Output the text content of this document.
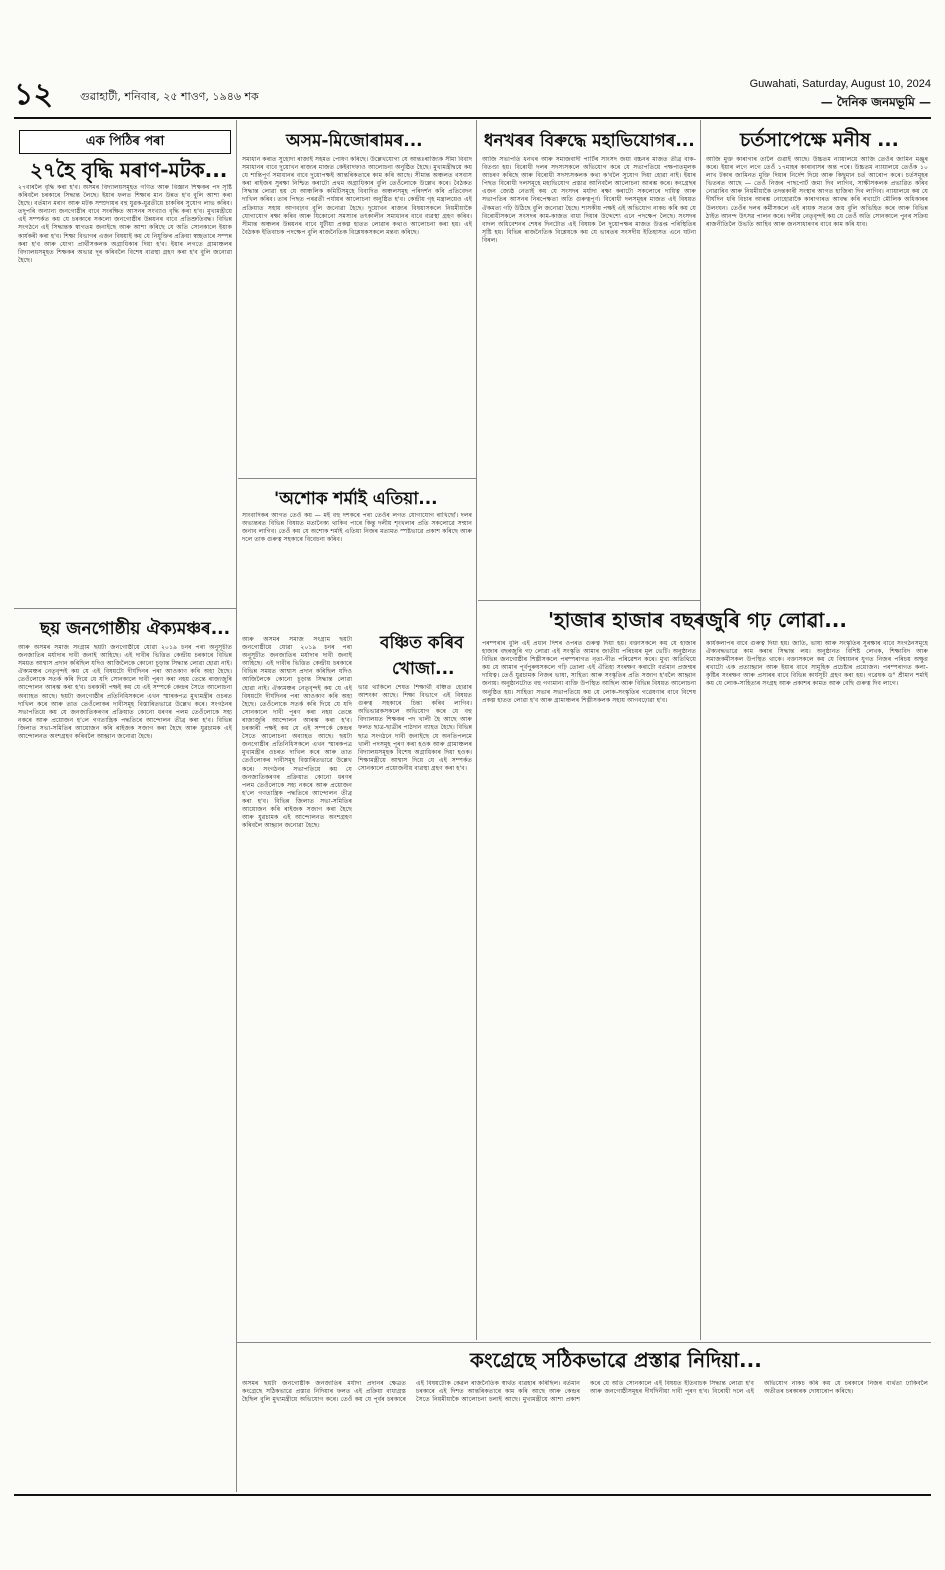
১২ গুৱাহাটী, শনিবাৰ, ২৫ শাওণ, ১৯৪৬ শক
Guwahati, Saturday, August 10, 2024
— দৈনিক জনমভূমি —
এক পিঠিৰ পৰা
২৭হৈ বৃদ্ধি মৰাণ-মটক...
২৭বাৰলৈ বৃদ্ধি কৰা হ'ব। অসমৰ বিদ্যালয়সমূহত গণিত আৰু বিজ্ঞান শিক্ষকৰ পদ সৃষ্টি কৰিবলৈ চৰকাৰে সিদ্ধান্ত লৈছে। ইয়াৰ ফলত শিক্ষাৰ মান উন্নত হ'ব বুলি আশা কৰা হৈছে। বৰ্তমান মৰাণ আৰু মটক সম্প্ৰদায়ৰ বহু যুৱক-যুৱতীয়ে চাকৰিৰ সুযোগ লাভ কৰিব। তদুপৰি অন্যান্য জনগোষ্ঠীৰ বাবে সংৰক্ষিত আসনৰ সংখ্যাও বৃদ্ধি কৰা হ'ব। মুখ্যমন্ত্ৰীয়ে এই সম্পৰ্কত কয় যে চৰকাৰে সকলো জনগোষ্ঠীৰ উন্নয়নৰ বাবে প্ৰতিশ্ৰুতিবদ্ধ। বিভিন্ন সংগঠনে এই সিদ্ধান্তক স্বাগতম জনাইছে আৰু আশা কৰিছে যে অতি সোনকালে ইয়াক কাৰ্যকৰী কৰা হ'ব। শিক্ষা বিভাগৰ এজন বিষয়াই কয় যে নিযুক্তিৰ প্ৰক্ৰিয়া স্বচ্ছতাৰে সম্পন্ন কৰা হ'ব আৰু যোগ্য প্ৰাৰ্থীসকলক অগ্ৰাধিকাৰ দিয়া হ'ব। ইয়াৰ লগতে গ্ৰামাঞ্চলৰ বিদ্যালয়সমূহত শিক্ষকৰ অভাৱ দূৰ কৰিবলৈ বিশেষ ব্যৱস্থা গ্ৰহণ কৰা হ'ব বুলি জনোৱা হৈছে।
ছয় জনগোষ্ঠীয় ঐক্যমঞ্চৰ...
আৰু অসমৰ সমাজ সংগ্ৰাম ছয়টা জনগোষ্ঠীয়ে যোৱা ২০১৯ চনৰ পৰা অনুসূচীত জনজাতিৰ মৰ্যাদাৰ দাবী জনাই আহিছে। এই দাবীৰ ভিত্তিত কেন্দ্ৰীয় চৰকাৰে বিভিন্ন সময়ত আশ্বাস প্ৰদান কৰিছিল যদিও আজিলৈকে কোনো চূড়ান্ত সিদ্ধান্ত লোৱা হোৱা নাই। ঐক্যমঞ্চৰ নেতৃবৃন্দই কয় যে এই বিষয়টো দীৰ্ঘদিনৰ পৰা আওকাণ কৰি অহা হৈছে। তেওঁলোকে সতৰ্ক কৰি দিয়ে যে যদি সোনকালে দাবী পূৰণ কৰা নহয় তেন্তে ৰাজ্যজুৰি আন্দোলন আৰম্ভ কৰা হ'ব। চৰকাৰী পক্ষই কয় যে এই সম্পৰ্কে কেন্দ্ৰৰ সৈতে আলোচনা অব্যাহত আছে। ছয়টা জনগোষ্ঠীৰ প্ৰতিনিধিসকলে এখন স্মাৰকপত্ৰ মুখ্যমন্ত্ৰীৰ ওচৰত দাখিল কৰে আৰু তাত তেওঁলোকৰ দাবীসমূহ বিস্তাৰিতভাৱে উল্লেখ কৰে। সংগঠনৰ সভাপতিয়ে কয় যে জনজাতিকৰণৰ প্ৰক্ৰিয়াত কোনো ধৰণৰ পলম তেওঁলোকে সহ্য নকৰে আৰু প্ৰয়োজন হ'লে গণতান্ত্ৰিক পদ্ধতিৰে আন্দোলন তীব্ৰ কৰা হ'ব। বিভিন্ন জিলাত সভা-সমিতিৰ আয়োজন কৰি ৰাইজক সজাগ কৰা হৈছে আৰু যুৱচামক এই আন্দোলনত অংশগ্ৰহণ কৰিবলৈ আহ্বান জনোৱা হৈছে।
অসম-মিজোৰামৰ...
সমাধান কৰাত সুহোদা ৰাজাই সহমত পোষণ কৰিছে। উল্লেখযোগ্য যে আন্তঃৰাজ্যিক সীমা বিবাদ সমাধানৰ বাবে দুয়োখন ৰাজ্যৰ মাজত কেইবাদফাও আলোচনা অনুষ্ঠিত হৈছে। মুখ্যমন্ত্ৰীদ্বয়ে কয় যে শান্তিপূৰ্ণ সমাধানৰ বাবে দুয়োপক্ষই আন্তৰিকতাৰে কাম কৰি আছে। সীমান্ত অঞ্চলত বসবাস কৰা ৰাইজৰ সুৰক্ষা নিশ্চিত কৰাটো প্ৰথম অগ্ৰাধিকাৰ বুলি তেওঁলোকে উল্লেখ কৰে। বৈঠকত সিদ্ধান্ত লোৱা হয় যে আঞ্চলিক কমিটিসমূহে বিবাদিত অঞ্চলসমূহ পৰিদৰ্শন কৰি প্ৰতিবেদন দাখিল কৰিব। তাৰ পিছত পৰৱৰ্তী পৰ্যায়ৰ আলোচনা অনুষ্ঠিত হ'ব। কেন্দ্ৰীয় গৃহ মন্ত্ৰালয়েও এই প্ৰক্ৰিয়াত সহায় আগবঢ়াব বুলি জনোৱা হৈছে। দুয়োখন ৰাজ্যৰ বিষয়াসকলে নিয়মীয়াকৈ যোগাযোগ ৰক্ষা কৰিব আৰু যিকোনো সমস্যাৰ তৎকালীন সমাধানৰ বাবে ব্যৱস্থা গ্ৰহণ কৰিব। সীমান্ত অঞ্চলৰ উন্নয়নৰ বাবে যুটীয়া প্ৰকল্প হাতত লোৱাৰ কথাও আলোচনা কৰা হয়। এই বৈঠকক ইতিবাচক পদক্ষেপ বুলি ৰাজনৈতিক বিশ্লেষকসকলে মন্তব্য কৰিছে।
'অশোক শৰ্মাই এতিয়া...
সাংবাদিকৰ আগত তেওঁ কয় — মই বহু দশকৰে পৰা তেওঁৰ লগত যোগাযোগ ৰাখিছোঁ। দলৰ অভ্যন্তৰত বিভিন্ন বিষয়ত মতানৈক্য থাকিব পাৰে কিন্তু দলীয় শৃংখলাৰ প্ৰতি সকলোৱে সন্মান জনাব লাগিব। তেওঁ কয় যে অশোক শৰ্মাই এতিয়া নিজৰ মতামত স্পষ্টভাৱে প্ৰকাশ কৰিছে আৰু দলে তাক গুৰুত্ব সহকাৰে বিবেচনা কৰিব।
আৰু অসমৰ সমাজ সংগ্ৰাম ছয়টা জনগোষ্ঠীয়ে যোৱা ২০১৯ চনৰ পৰা অনুসূচীত জনজাতিৰ মৰ্যাদাৰ দাবী জনাই আহিছে। এই দাবীৰ ভিত্তিত কেন্দ্ৰীয় চৰকাৰে বিভিন্ন সময়ত আশ্বাস প্ৰদান কৰিছিল যদিও আজিলৈকে কোনো চূড়ান্ত সিদ্ধান্ত লোৱা হোৱা নাই। ঐক্যমঞ্চৰ নেতৃবৃন্দই কয় যে এই বিষয়টো দীৰ্ঘদিনৰ পৰা আওকাণ কৰি অহা হৈছে। তেওঁলোকে সতৰ্ক কৰি দিয়ে যে যদি সোনকালে দাবী পূৰণ কৰা নহয় তেন্তে ৰাজ্যজুৰি আন্দোলন আৰম্ভ কৰা হ'ব। চৰকাৰী পক্ষই কয় যে এই সম্পৰ্কে কেন্দ্ৰৰ সৈতে আলোচনা অব্যাহত আছে। ছয়টা জনগোষ্ঠীৰ প্ৰতিনিধিসকলে এখন স্মাৰকপত্ৰ মুখ্যমন্ত্ৰীৰ ওচৰত দাখিল কৰে আৰু তাত তেওঁলোকৰ দাবীসমূহ বিস্তাৰিতভাৱে উল্লেখ কৰে। সংগঠনৰ সভাপতিয়ে কয় যে জনজাতিকৰণৰ প্ৰক্ৰিয়াত কোনো ধৰণৰ পলম তেওঁলোকে সহ্য নকৰে আৰু প্ৰয়োজন হ'লে গণতান্ত্ৰিক পদ্ধতিৰে আন্দোলন তীব্ৰ কৰা হ'ব। বিভিন্ন জিলাত সভা-সমিতিৰ আয়োজন কৰি ৰাইজক সজাগ কৰা হৈছে আৰু যুৱচামক এই আন্দোলনত অংশগ্ৰহণ কৰিবলৈ আহ্বান জনোৱা হৈছে।
বঞ্চিত কৰিব
খোজা...
ভাৱ থাকিলে শেষত শিক্ষাৰ্থী বঞ্চিত হোৱাৰ আশংকা আছে। শিক্ষা বিভাগে এই বিষয়ত গুৰুত্ব সহকাৰে চিন্তা কৰিব লাগিব। অভিভাৱকসকলে অভিযোগ কৰে যে বহু বিদ্যালয়ত শিক্ষকৰ পদ খালী হৈ আছে আৰু ফলত ছাত্ৰ-ছাত্ৰীৰ পাঠদান ব্যাহত হৈছে। বিভিন্ন ছাত্ৰ সংগঠনে দাবী জনাইছে যে অনতিপলমে খালী পদসমূহ পূৰণ কৰা হওক আৰু গ্ৰামাঞ্চলৰ বিদ্যালয়সমূহক বিশেষ অগ্ৰাধিকাৰ দিয়া হওক। শিক্ষামন্ত্ৰীয়ে আশ্বাস দিয়ে যে এই সম্পৰ্কত সোনকালে প্ৰয়োজনীয় ব্যৱস্থা গ্ৰহণ কৰা হ'ব।
ধনখৰৰ বিৰুদ্ধে মহাভিযোগৰ...
আজি সভাপতি ধনখৰ আৰু সমাজবাদী পাৰ্টিৰ সাংসদ জয়া বচ্চনৰ মাজত তীব্ৰ বাক-বিতণ্ডা হয়। বিৰোধী দলৰ সদস্যসকলে অভিযোগ কৰে যে সভাপতিয়ে পক্ষপাতমূলক আচৰণ কৰিছে আৰু বিৰোধী সদস্যসকলক কথা ক'বলৈ সুযোগ দিয়া হোৱা নাই। ইয়াৰ পিছত বিৰোধী দলসমূহে মহাভিযোগ প্ৰস্তাৱ আনিবলৈ আলোচনা আৰম্ভ কৰে। কংগ্ৰেছৰ এজন জ্যেষ্ঠ নেতাই কয় যে সংসদৰ মৰ্যাদা ৰক্ষা কৰাটো সকলোৰে দায়িত্ব আৰু সভাপতিৰ আসনৰ নিৰপেক্ষতা অতি গুৰুত্বপূৰ্ণ। বিৰোধী দলসমূহৰ মাজত এই বিষয়ত ঐকমত্য গঢ়ি উঠিছে বুলি জনোৱা হৈছে। শাসকীয় পক্ষই এই অভিযোগ নাকচ কৰি কয় যে বিৰোধীসকলে সংসদৰ কাম-কাজত বাধা দিয়াৰ উদ্দেশ্যে এনে পদক্ষেপ লৈছে। সংসদৰ বাদল অধিবেশনৰ শেষৰ দিনটোত এই বিষয়ক লৈ দুয়োপক্ষৰ মাজত উত্তপ্ত পৰিস্থিতিৰ সৃষ্টি হয়। বিভিন্ন ৰাজনৈতিক বিশ্লেষকে কয় যে ভাৰতৰ সংসদীয় ইতিহাসত এনে ঘটনা বিৰল।
'হাজাৰ হাজাৰ বছৰজুৰি গঢ় লোৱা...
পৰম্পৰাৰ বুলি এই প্ৰধান দিশৰ ওপৰত গুৰুত্ব দিয়া হয়। বক্তাসকলে কয় যে হাজাৰ হাজাৰ বছৰজুৰি গঢ় লোৱা এই সংস্কৃতি আমাৰ জাতীয় পৰিচয়ৰ মূল ভেটি। অনুষ্ঠানত বিভিন্ন জনগোষ্ঠীৰ শিল্পীসকলে পৰম্পৰাগত নৃত্য-গীত পৰিৱেশন কৰে। মুখ্য অতিথিয়ে কয় যে আমাৰ পূৰ্বপুৰুষসকলে গঢ়ি তোলা এই ঐতিহ্য সংৰক্ষণ কৰাটো বৰ্তমান প্ৰজন্মৰ দায়িত্ব। তেওঁ যুৱচামক নিজৰ ভাষা, সাহিত্য আৰু সংস্কৃতিৰ প্ৰতি সজাগ হ'বলৈ আহ্বান জনায়। অনুষ্ঠানটোত বহু গণ্যমান্য ব্যক্তি উপস্থিত আছিল আৰু বিভিন্ন বিষয়ত আলোচনা অনুষ্ঠিত হয়। সাহিত্য সভাৰ সভাপতিয়ে কয় যে লোক-সংস্কৃতিৰ গৱেষণাৰ বাবে বিশেষ প্ৰকল্প হাতত লোৱা হ'ব আৰু গ্ৰামাঞ্চলৰ শিল্পীসকলক সহায় আগবঢ়োৱা হ'ব।
চৰ্তসাপেক্ষে মনীষ ...
আজি মুক্ত কাৰাগাৰ তালৈ গুৱাই আছে। উচ্চতম ন্যায়ালয়ে আজি তেওঁৰ জামিন মঞ্জুৰ কৰে। ইয়াৰ লগে লগে তেওঁ ১৭মাহৰ কাৰাবাসৰ অন্ত পৰে। উচ্চতম ন্যায়ালয়ে তেওঁক ১০ লাখ টকাৰ জামিনত মুক্তি দিয়াৰ নিৰ্দেশ দিয়ে আৰু কিছুমান চৰ্ত আৰোপ কৰে। চৰ্তসমূহৰ ভিতৰত আছে — তেওঁ নিজৰ পাছপোৰ্ট জমা দিব লাগিব, সাক্ষীসকলক প্ৰভাৱিত কৰিব নোৱাৰিব আৰু নিয়মীয়াকৈ তদন্তকাৰী সংস্থাৰ আগত হাজিৰা দিব লাগিব। ন্যায়ালয়ে কয় যে দীৰ্ঘদিন ধৰি বিচাৰ আৰম্ভ নোহোৱাকৈ কাৰাগাৰত আবদ্ধ কৰি ৰখাটো মৌলিক অধিকাৰৰ উলংঘন। তেওঁৰ দলৰ কৰ্মীসকলে এই ৰায়ক সত্যৰ জয় বুলি অভিহিত কৰে আৰু বিভিন্ন ঠাইত আনন্দ উৎসৱ পালন কৰে। দলীয় নেতৃবৃন্দই কয় যে তেওঁ অতি সোনকালে পুনৰ সক্ৰিয় ৰাজনীতিলৈ উভতি আহিব আৰু জনসাধাৰণৰ বাবে কাম কৰি যাব।
কাৰ্যকলাপৰ বাবে গুৰুত্ব দিয়া হয়। জাতি, ভাষা আৰু সংস্কৃতিৰ সুৰক্ষাৰ বাবে সংগঠনসমূহে ঐক্যবদ্ধভাৱে কাম কৰাৰ সিদ্ধান্ত লয়। অনুষ্ঠানত বিশিষ্ট লেখক, শিক্ষাবিদ আৰু সমাজকৰ্মীসকল উপস্থিত থাকে। বক্তাসকলে কয় যে বিশ্বায়নৰ যুগত নিজৰ পৰিচয় অক্ষুণ্ণ ৰখাটো এক প্ৰত্যাহ্বান আৰু ইয়াৰ বাবে সামূহিক প্ৰচেষ্টাৰ প্ৰয়োজন। পৰম্পৰাগত কলা-কৃষ্টিৰ সংৰক্ষণ আৰু প্ৰসাৰৰ বাবে বিভিন্ন কাৰ্যসূচী গ্ৰহণ কৰা হয়। গৱেষক ড° শ্ৰীমান শৰ্মাই কয় যে লোক-সাহিত্যৰ সংগ্ৰহ আৰু প্ৰকাশৰ কামত আৰু বেছি গুৰুত্ব দিব লাগে।
কংগ্ৰেছে সঠিকভাৱে প্ৰস্তাৱ নিদিয়া...
অসমৰ ছয়টা জনগোষ্ঠীক জনজাতিৰ মৰ্যাদা প্ৰদানৰ ক্ষেত্ৰত কংগ্ৰেছে সঠিকভাৱে প্ৰস্তাৱ নিদিয়াৰ ফলত এই প্ৰক্ৰিয়া বাধাগ্ৰস্ত হৈছিল বুলি মুখ্যমন্ত্ৰীয়ে অভিযোগ কৰে। তেওঁ কয় যে পূৰ্বৰ চৰকাৰে এই বিষয়টোক কেৱল ৰাজনৈতিক স্বাৰ্থত ব্যৱহাৰ কৰিছিল। বৰ্তমান চৰকাৰে এই দিশত আন্তৰিকতাৰে কাম কৰি আছে আৰু কেন্দ্ৰৰ সৈতে নিয়মীয়াকৈ আলোচনা চলাই আছে। মুখ্যমন্ত্ৰীয়ে আশা প্ৰকাশ কৰে যে অতি সোনকালে এই বিষয়ত ইতিবাচক সিদ্ধান্ত লোৱা হ'ব আৰু জনগোষ্ঠীসমূহৰ দীৰ্ঘদিনীয়া দাবী পূৰণ হ'ব। বিৰোধী দলে এই অভিযোগ নাকচ কৰি কয় যে চৰকাৰে নিজৰ ব্যৰ্থতা ঢাকিবলৈ অতীতৰ চৰকাৰক দোষাৰোপ কৰিছে।
